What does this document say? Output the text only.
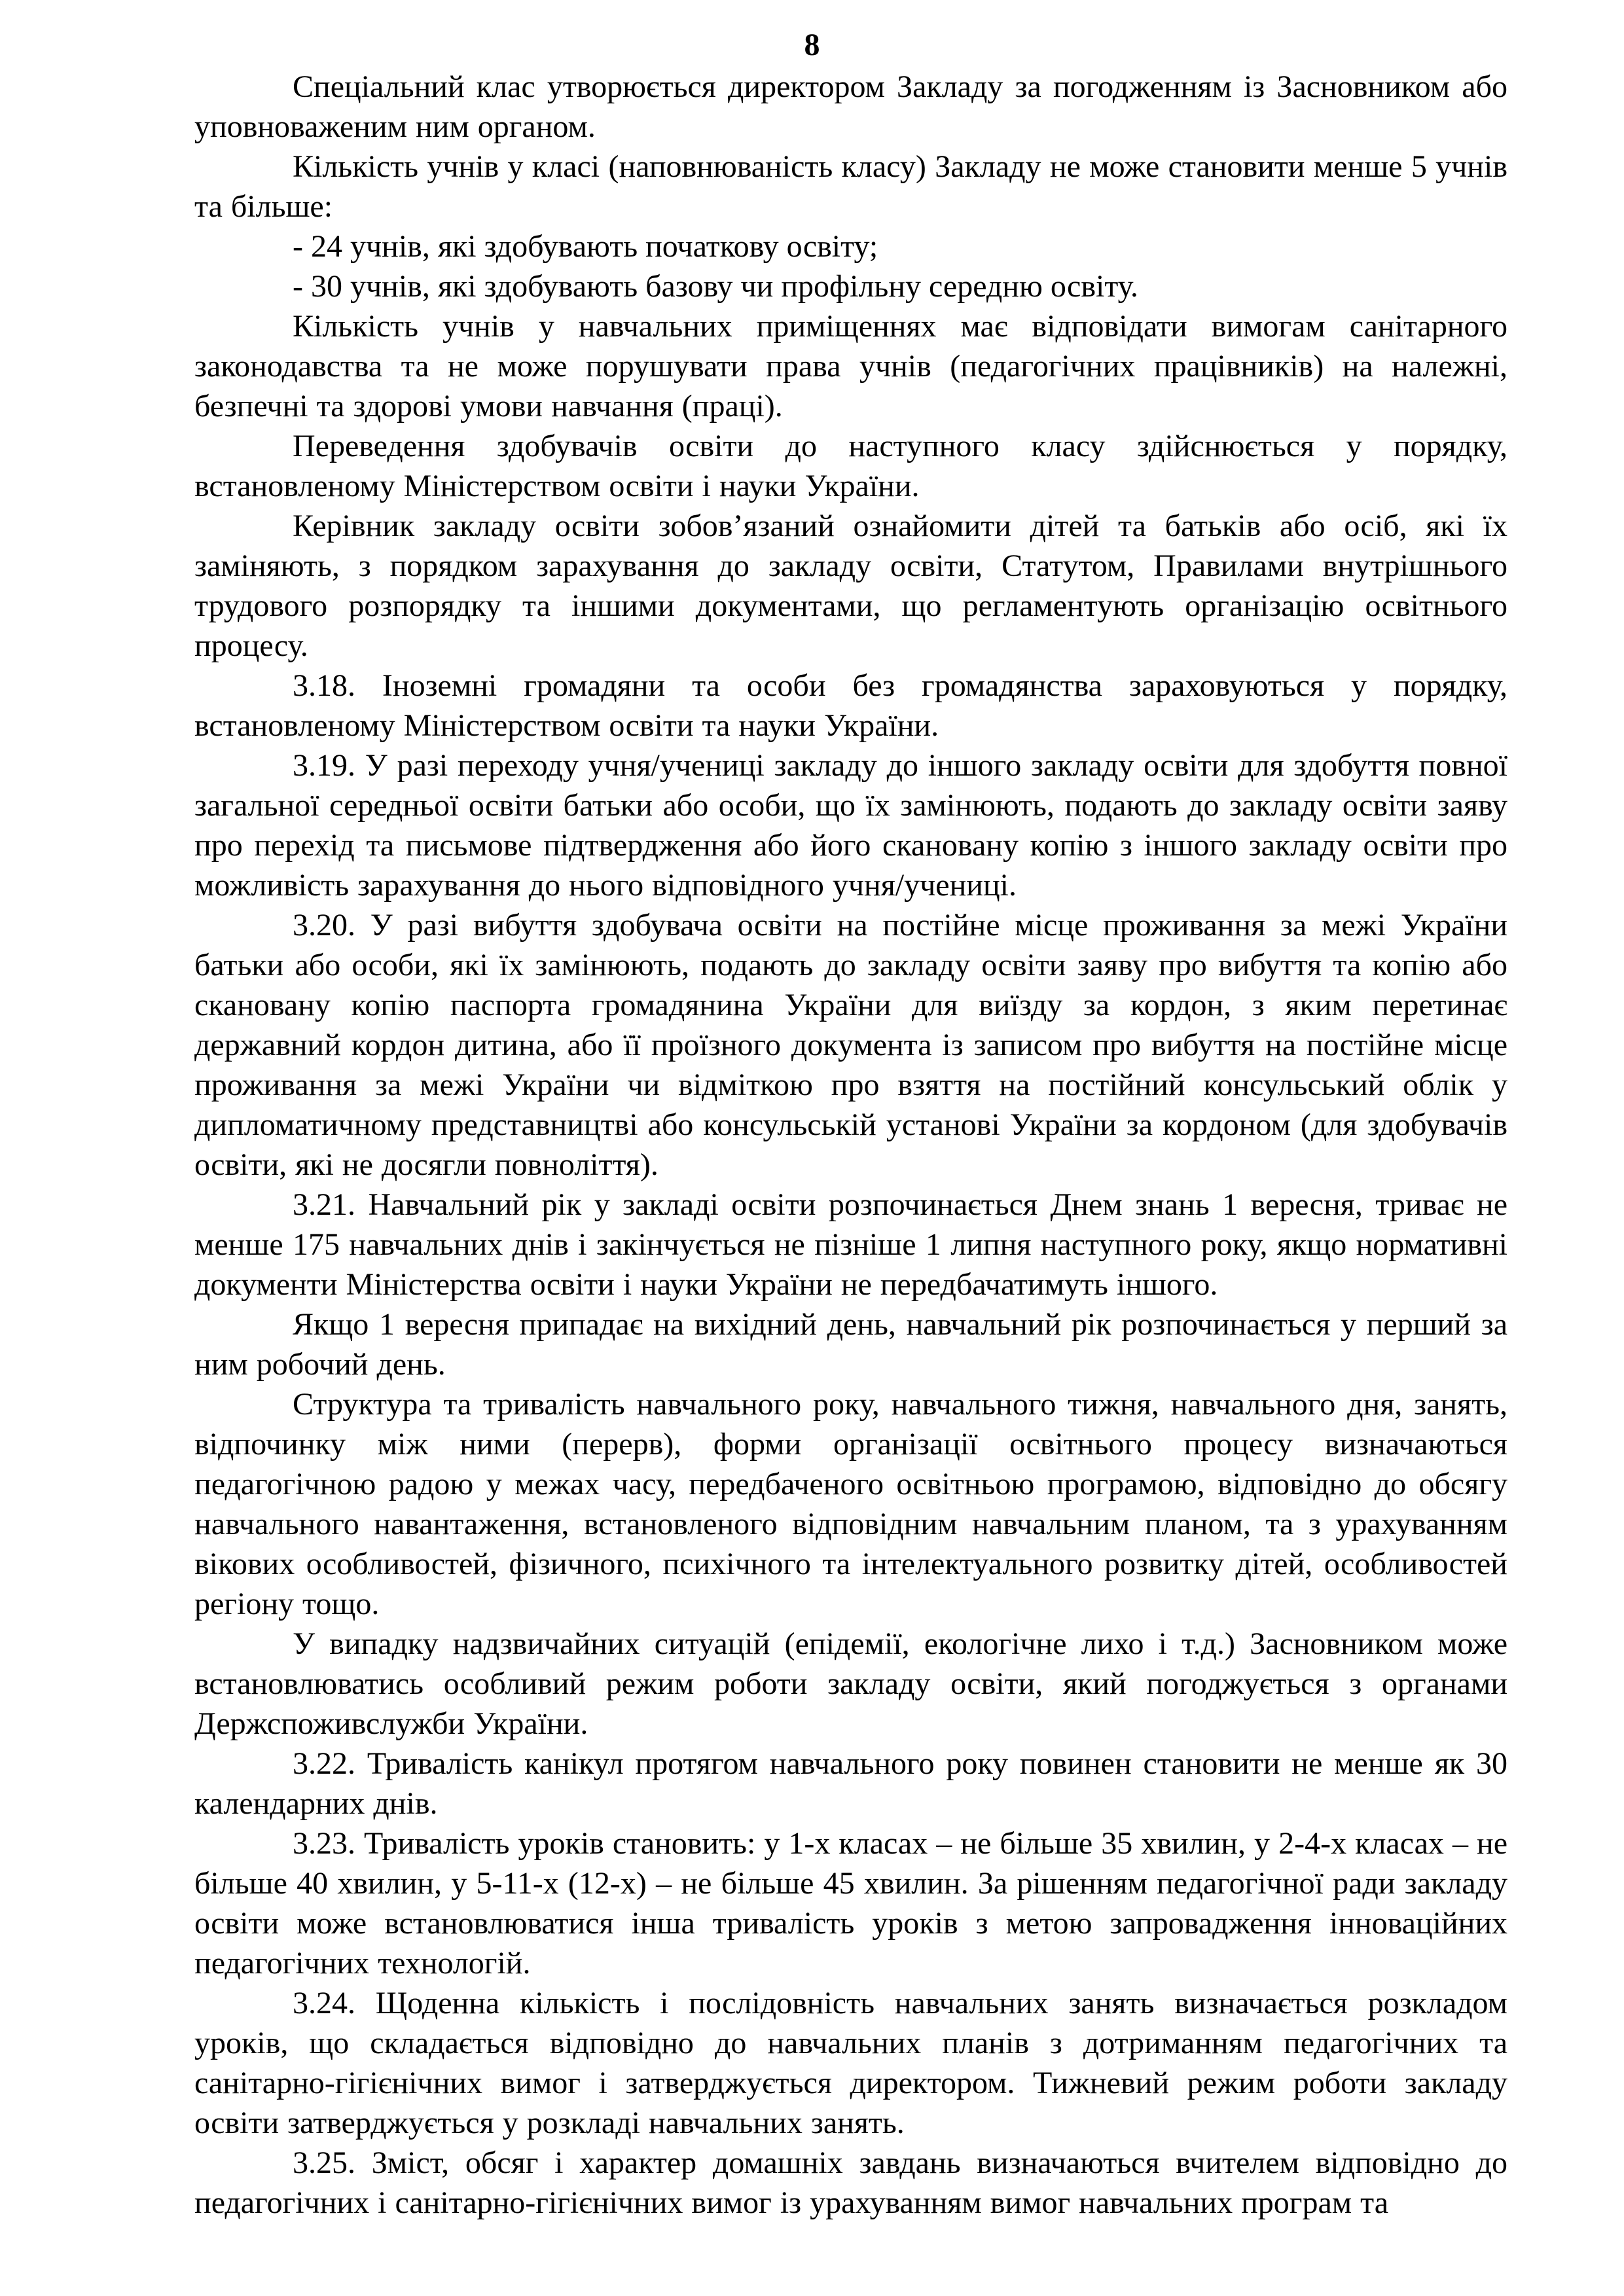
8

Спеціальний клас утворюється директором Закладу за погодженням із Засновником або уповноваженим ним органом.

Кількість учнів у класі (наповнюваність класу) Закладу не може становити менше 5 учнів та більше:

- 24 учнів, які здобувають початкову освіту;

- 30 учнів, які здобувають базову чи профільну середню освіту.

Кількість учнів у навчальних приміщеннях має відповідати вимогам санітарного законодавства та не може порушувати права учнів (педагогічних працівників) на належні, безпечні та здорові умови навчання (праці).

Переведення здобувачів освіти до наступного класу здійснюється у порядку, встановленому Міністерством освіти і науки України.

Керівник закладу освіти зобов’язаний ознайомити дітей та батьків або осіб, які їх заміняють, з порядком зарахування до закладу освіти, Статутом, Правилами внутрішнього трудового розпорядку та іншими документами, що регламентують організацію освітнього процесу.

3.18. Іноземні громадяни та особи без громадянства зараховуються у порядку, встановленому Міністерством освіти та науки України.

3.19. У разі переходу учня/учениці закладу до іншого закладу освіти для здобуття повної загальної середньої освіти батьки або особи, що їх замінюють, подають до закладу освіти заяву про перехід та письмове підтвердження або його скановану копію з іншого закладу освіти про можливість зарахування до нього відповідного учня/учениці.

3.20. У разі вибуття здобувача освіти на постійне місце проживання за межі України батьки або особи, які їх замінюють, подають до закладу освіти заяву про вибуття та копію або скановану копію паспорта громадянина України для виїзду за кордон, з яким перетинає державний кордон дитина, або її проїзного документа із записом про вибуття на постійне місце проживання за межі України чи відміткою про взяття на постійний консульський облік у дипломатичному представництві або консульській установі України за кордоном (для здобувачів освіти, які не досягли повноліття).

3.21. Навчальний рік у закладі освіти розпочинається Днем знань 1 вересня, триває не менше 175 навчальних днів і закінчується не пізніше 1 липня наступного року, якщо нормативні документи Міністерства освіти і науки України не передбачатимуть іншого.

Якщо 1 вересня припадає на вихідний день, навчальний рік розпочинається у перший за ним робочий день.

Структура та тривалість навчального року, навчального тижня, навчального дня, занять, відпочинку між ними (перерв), форми організації освітнього процесу визначаються педагогічною радою у межах часу, передбаченого освітньою програмою, відповідно до обсягу навчального навантаження, встановленого відповідним навчальним планом, та з урахуванням вікових особливостей, фізичного, психічного та інтелектуального розвитку дітей, особливостей регіону тощо.

У випадку надзвичайних ситуацій (епідемії, екологічне лихо і т.д.) Засновником може встановлюватись особливий режим роботи закладу освіти, який погоджується з органами Держспоживслужби України.

3.22. Тривалість канікул протягом навчального року повинен становити не менше як 30 календарних днів.

3.23. Тривалість уроків становить: у 1-х класах – не більше 35 хвилин, у 2-4-х класах – не більше 40 хвилин, у 5-11-х (12-х) – не більше 45 хвилин. За рішенням педагогічної ради закладу освіти може встановлюватися інша тривалість уроків з метою запровадження інноваційних педагогічних технологій.

3.24. Щоденна кількість і послідовність навчальних занять визначається розкладом уроків, що складається відповідно до навчальних планів з дотриманням педагогічних та санітарно-гігієнічних вимог і затверджується директором. Тижневий режим роботи закладу освіти затверджується у розкладі навчальних занять.

3.25. Зміст, обсяг і характер домашніх завдань визначаються вчителем відповідно до педагогічних і санітарно-гігієнічних вимог із урахуванням вимог навчальних програм та
